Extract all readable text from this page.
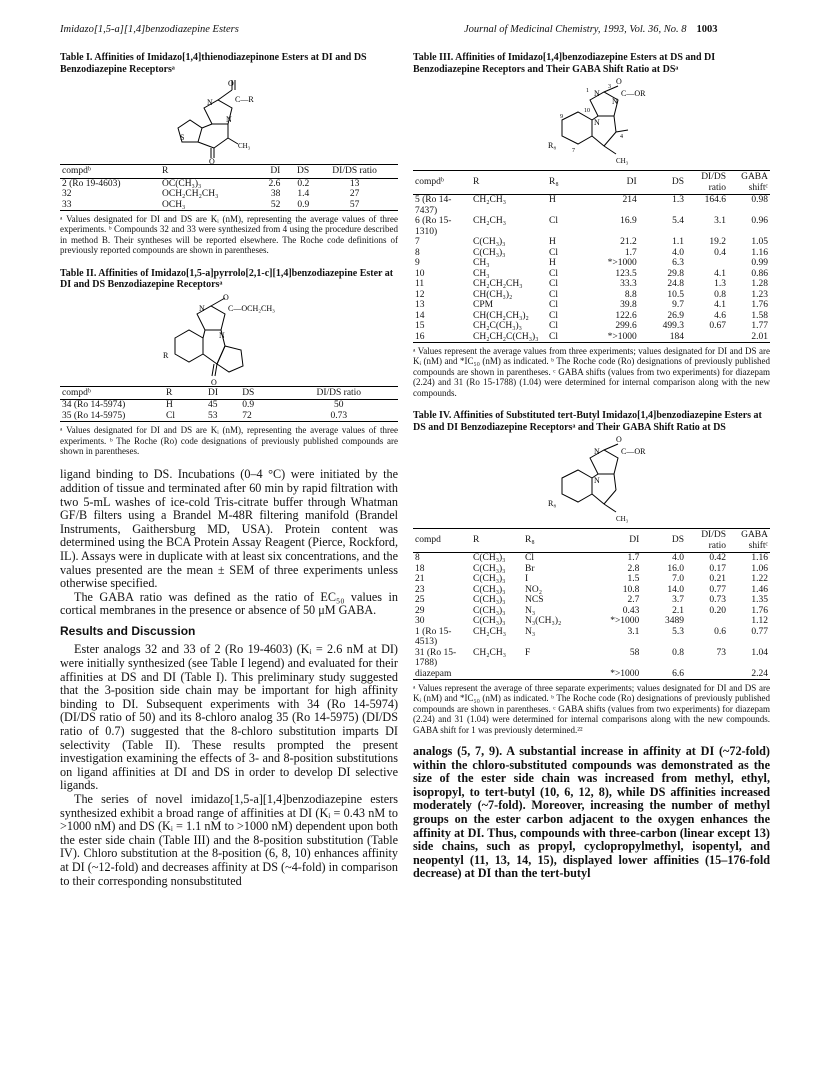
Imidazo[1,5-a][1,4]benzodiazepine Esters	Journal of Medicinal Chemistry, 1993, Vol. 36, No. 8 1003
Table I. Affinities of Imidazo[1,4]thienodiazepinone Esters at DI and DS Benzodiazepine Receptorsᵃ
O
N
N
S
CH₃
C—R
O
compdᵇ	R	DI	DS	DI/DS ratio
2 (Ro 19-4603)	OC(CH₃)₃	2.6	0.2	13
32	OCH₂CH₂CH₃	38	1.4	27
33	OCH₃	52	0.9	57
ᵃ Values designated for DI and DS are Kᵢ (nM), representing the average values of three experiments. ᵇ Compounds 32 and 33 were synthesized from 4 using the procedure described in method B. Their syntheses will be reported elsewhere. The Roche code definitions of previously reported compounds are shown in parentheses.
Table II. Affinities of Imidazo[1,5-a]pyrrolo[2,1-c][1,4]benzodiazepine Ester at DI and DS Benzodiazepine Receptorsᵃ
O
N
N
R
C—OCH₂CH₃
O
compdᵇ	R	DI	DS	DI/DS ratio
34 (Ro 14-5974)	H	45	0.9	50
35 (Ro 14-5975)	Cl	53	72	0.73
ᵃ Values designated for DI and DS are Kᵢ (nM), representing the average values of three experiments. ᵇ The Roche (Ro) code designations of previously published compounds are shown in parentheses.

ligand binding to DS. Incubations (0–4 °C) were initiated by the addition of tissue and terminated after 60 min by rapid filtration with two 5-mL washes of ice-cold Tris-citrate buffer through Whatman GF/B filters using a Brandel M-48R filtering manifold (Brandel Instruments, Gaithersburg MD, USA). Protein content was determined using the BCA Protein Assay Reagent (Pierce, Rockford, IL). Assays were in duplicate with at least six concentrations, and the values presented are the mean ± SEM of three experiments unless otherwise specified.

The GABA ratio was defined as the ratio of EC₅₀ values in cortical membranes in the presence or absence of 50 μM GABA.

Results and Discussion

Ester analogs 32 and 33 of 2 (Ro 19-4603) (Kᵢ = 2.6 nM at DI) were initially synthesized (see Table I legend) and evaluated for their affinities at DS and DI (Table I). This preliminary study suggested that the 3-position side chain may be important for high affinity binding to DI. Subsequent experiments with 34 (Ro 14-5974) (DI/DS ratio of 50) and its 8-chloro analog 35 (Ro 14-5975) (DI/DS ratio of 0.7) suggested that the 8-chloro substitution imparts DI selectivity (Table II). These results prompted the present investigation examining the effects of 3- and 8-position substitutions on ligand affinities at DI and DS in order to develop DI selective ligands.

The series of novel imidazo[1,5-a][1,4]benzodiazepine esters synthesized exhibit a broad range of affinities at DI (Kᵢ = 0.43 nM to >1000 nM) and DS (Kᵢ = 1.1 nM to >1000 nM) dependent upon both the ester side chain (Table III) and the 8-position substitution (Table IV). Chloro substitution at the 8-position (6, 8, 10) enhances affinity at DI (~12-fold) and decreases affinity at DS (~4-fold) in comparison to their corresponding nonsubstituted

Table III. Affinities of Imidazo[1,4]benzodiazepine Esters at DS and DI Benzodiazepine Receptors and Their GABA Shift Ratio at DSᵃ
O
N
N
N
C—OR
R₈
CH₃
10
9
1
3
7
4
compdᵇ	R	R₈	DI	DS	DI/DS ratio	GABA shiftᶜ
5 (Ro 14-7437)	CH₂CH₃	H	214	1.3	164.6	0.98
6 (Ro 15-1310)	CH₂CH₃	Cl	16.9	5.4	3.1	0.96
7	C(CH₃)₃	H	21.2	1.1	19.2	1.05
8	C(CH₃)₃	Cl	1.7	4.0	0.4	1.16
9	CH₃	H	*>1000	6.3		0.99
10	CH₃	Cl	123.5	29.8	4.1	0.86
11	CH₂CH₂CH₃	Cl	33.3	24.8	1.3	1.28
12	CH(CH₃)₂	Cl	8.8	10.5	0.8	1.23
13	CPM	Cl	39.8	9.7	4.1	1.76
14	CH(CH₂CH₃)₂	Cl	122.6	26.9	4.6	1.58
15	CH₂C(CH₃)₃	Cl	299.6	499.3	0.67	1.77
16	CH₂CH₂C(CH₃)₃	Cl	*>1000	184		2.01
ᵃ Values represent the average values from three experiments; values designated for DI and DS are Kᵢ (nM) and *IC₅₀ (nM) as indicated. ᵇ The Roche code (Ro) designations of previously published compounds are shown in parentheses. ᶜ GABA shifts (values from two experiments) for diazepam (2.24) and 31 (Ro 15-1788) (1.04) were determined for internal comparison along with the new compounds.
Table IV. Affinities of Substituted tert-Butyl Imidazo[1,4]benzodiazepine Esters at DS and DI Benzodiazepine Receptorsᵃ and Their GABA Shift Ratio at DS
O
N
N
C—OR
R₈
CH₃
compd	R	R₈	DI	DS	DI/DS ratio	GABA shiftᶜ
8	C(CH₃)₃	Cl	1.7	4.0	0.42	1.16
18	C(CH₃)₃	Br	2.8	16.0	0.17	1.06
21	C(CH₃)₃	I	1.5	7.0	0.21	1.22
23	C(CH₃)₃	NO₂	10.8	14.0	0.77	1.46
25	C(CH₃)₃	NCS	2.7	3.7	0.73	1.35
29	C(CH₃)₃	N₃	0.43	2.1	0.20	1.76
30	C(CH₃)₃	N₃(CH₃)₂	*>1000	3489		1.12
1 (Ro 15-4513)	CH₂CH₃	N₃	3.1	5.3	0.6	0.77
31 (Ro 15-1788)	CH₂CH₃	F	58	0.8	73	1.04
diazepam			*>1000	6.6		2.24
ᵃ Values represent the average of three separate experiments; values designated for DI and DS are Kᵢ (nM) and *IC₅₀ (nM) as indicated. ᵇ The Roche code (Ro) designations of previously published compounds are shown in parentheses. ᶜ GABA shifts (values from two experiments) for diazepam (2.24) and 31 (1.04) were determined for internal comparisons along with the new compounds. GABA shift for 1 was previously determined.²²

analogs (5, 7, 9). A substantial increase in affinity at DI (~72-fold) within the chloro-substituted compounds was demonstrated as the size of the ester side chain was increased from methyl, ethyl, isopropyl, to tert-butyl (10, 6, 12, 8), while DS affinities increased moderately (~7-fold). Moreover, increasing the number of methyl groups on the ester carbon adjacent to the oxygen enhances the affinity at DI. Thus, compounds with three-carbon (linear except 13) side chains, such as propyl, cyclopropylmethyl, isopentyl, and neopentyl (11, 13, 14, 15), displayed lower affinities (15–176-fold decrease) at DI than the tert-butyl
